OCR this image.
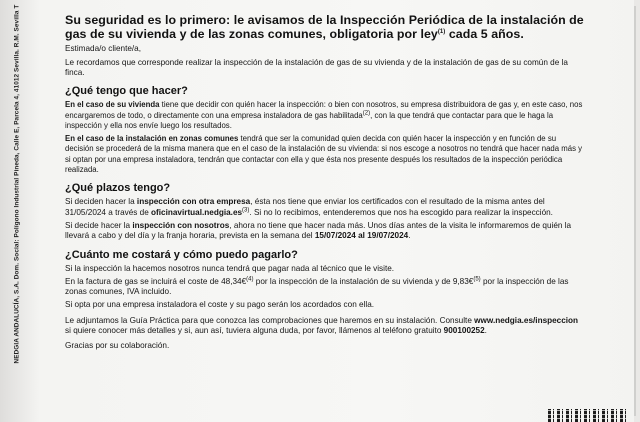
NEDGIA ANDALUCÍA, S.A. Dom. Social: Polígono Industrial Pineda, Calle E, Parcela 4, 41012 Sevilla. R.M. Sevilla T	Su seguridad es lo primero: le avisamos de la Inspección Periódica de la instalación de gas de su vivienda y de las zonas comunes, obligatoria por ley$^{(1)}$ cada 5 años.

Estimada/o cliente/a,

Le recordamos que corresponde realizar la inspección de la instalación de gas de su vivienda y de la instalación de gas de su común de la finca.

¿Qué tengo que hacer?

En el caso de su vivienda tiene que decidir con quién hacer la inspección: o bien con nosotros, su empresa distribuidora de gas y, en este caso, nos encargaremos de todo, o directamente con una empresa instaladora de gas habilitada$^{(2)}$, con la que tendrá que contactar para que le haga la inspección y ella nos envíe luego los resultados.

En el caso de la instalación en zonas comunes tendrá que ser la comunidad quien decida con quién hacer la inspección y en función de su decisión se procederá de la misma manera que en el caso de la instalación de su vivienda: si nos escoge a nosotros no tendrá que hacer nada más y si optan por una empresa instaladora, tendrán que contactar con ella y que ésta nos presente después los resultados de la inspección periódica realizada.

¿Qué plazos tengo?

Si deciden hacer la inspección con otra empresa, ésta nos tiene que enviar los certificados con el resultado de la misma antes del 31/05/2024 a través de $oficinavirtual.nedgia.es^{(3)}$. Si no lo recibimos, entenderemos que nos ha escogido para realizar la inspección.

Si decide hacer la inspección con nosotros, ahora no tiene que hacer nada más. Unos días antes de la visita le informaremos de quién la llevará a cabo y del día y la franja horaria, prevista en la semana del 15/07/2024 al 19/07/2024.

¿Cuánto me costará y cómo puedo pagarlo?

Si la inspección la hacemos nosotros nunca tendrá que pagar nada al técnico que le visite.

En la factura de gas se incluirá el coste de 48,34€$^{(4)}$ por la inspección de la instalación de su vivienda y de 9,83€$^{(5)}$ por la inspección de las zonas comunes, IVA incluido.

Si opta por una empresa instaladora el coste y su pago serán los acordados con ella.

Le adjuntamos la Guía Práctica para que conozca las comprobaciones que haremos en su instalación. Consulte www.nedgia.es/inspeccion si quiere conocer más detalles y si, aun así, tuviera alguna duda, por favor, llámenos al teléfono gratuito 900100252.

Gracias por su colaboración.
